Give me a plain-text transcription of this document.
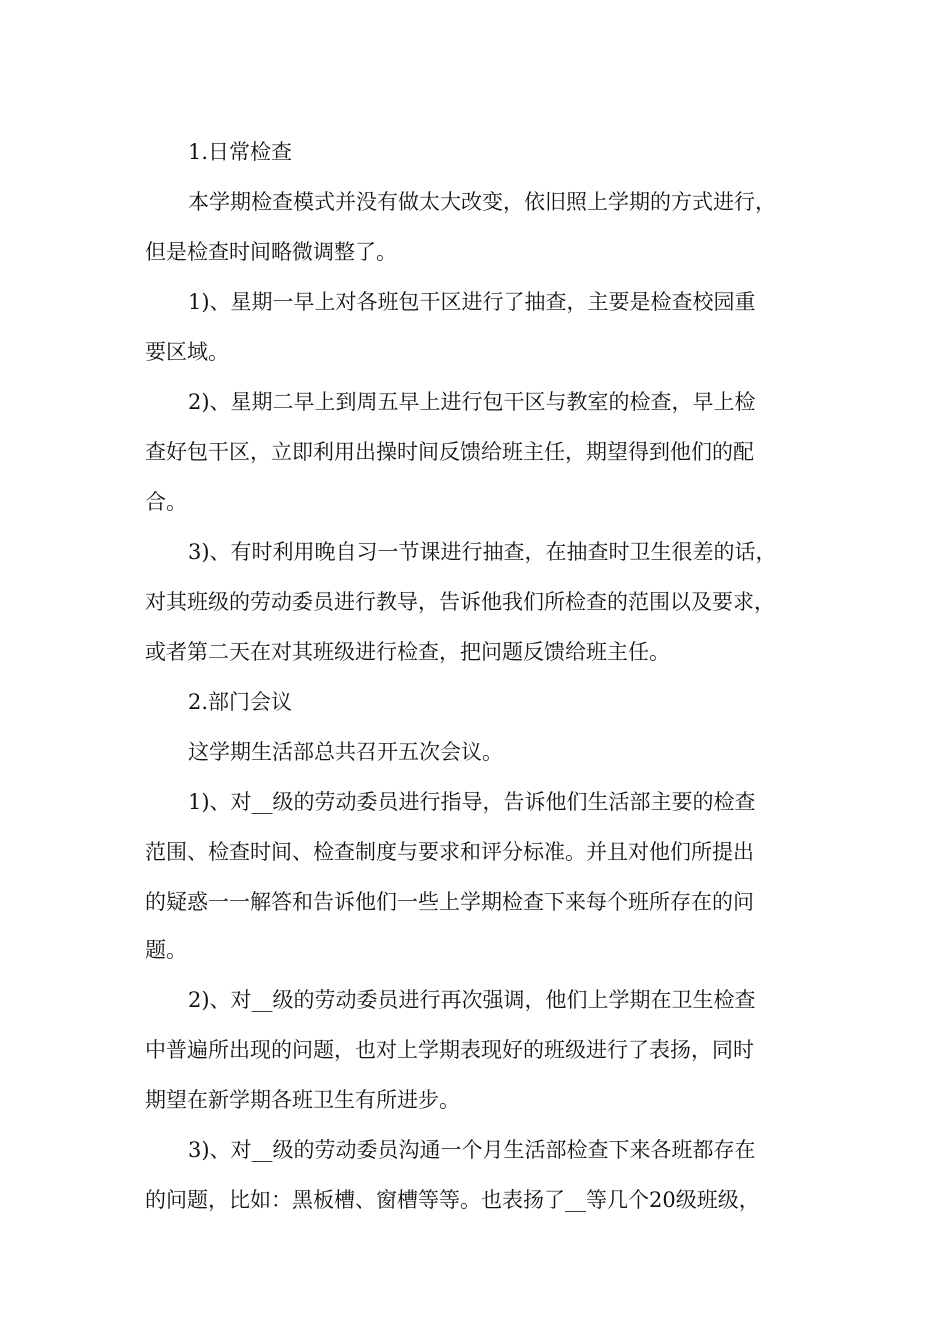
1.日常检查
本学期检查模式并没有做太大改变，依旧照上学期的方式进行，
但是检查时间略微调整了。
1)、星期一早上对各班包干区进行了抽查，主要是检查校园重
要区域。
2)、星期二早上到周五早上进行包干区与教室的检查，早上检
查好包干区，立即利用出操时间反馈给班主任，期望得到他们的配
合。
3)、有时利用晚自习一节课进行抽查，在抽查时卫生很差的话，
对其班级的劳动委员进行教导，告诉他我们所检查的范围以及要求，
或者第二天在对其班级进行检查，把问题反馈给班主任。
2.部门会议
这学期生活部总共召开五次会议。
1)、对__级的劳动委员进行指导，告诉他们生活部主要的检查
范围、检查时间、检查制度与要求和评分标准。并且对他们所提出
的疑惑一一解答和告诉他们一些上学期检查下来每个班所存在的问
题。
2)、对__级的劳动委员进行再次强调，他们上学期在卫生检查
中普遍所出现的问题，也对上学期表现好的班级进行了表扬，同时
期望在新学期各班卫生有所进步。
3)、对__级的劳动委员沟通一个月生活部检查下来各班都存在
的问题，比如：黑板槽、窗槽等等。也表扬了__等几个20级班级，
